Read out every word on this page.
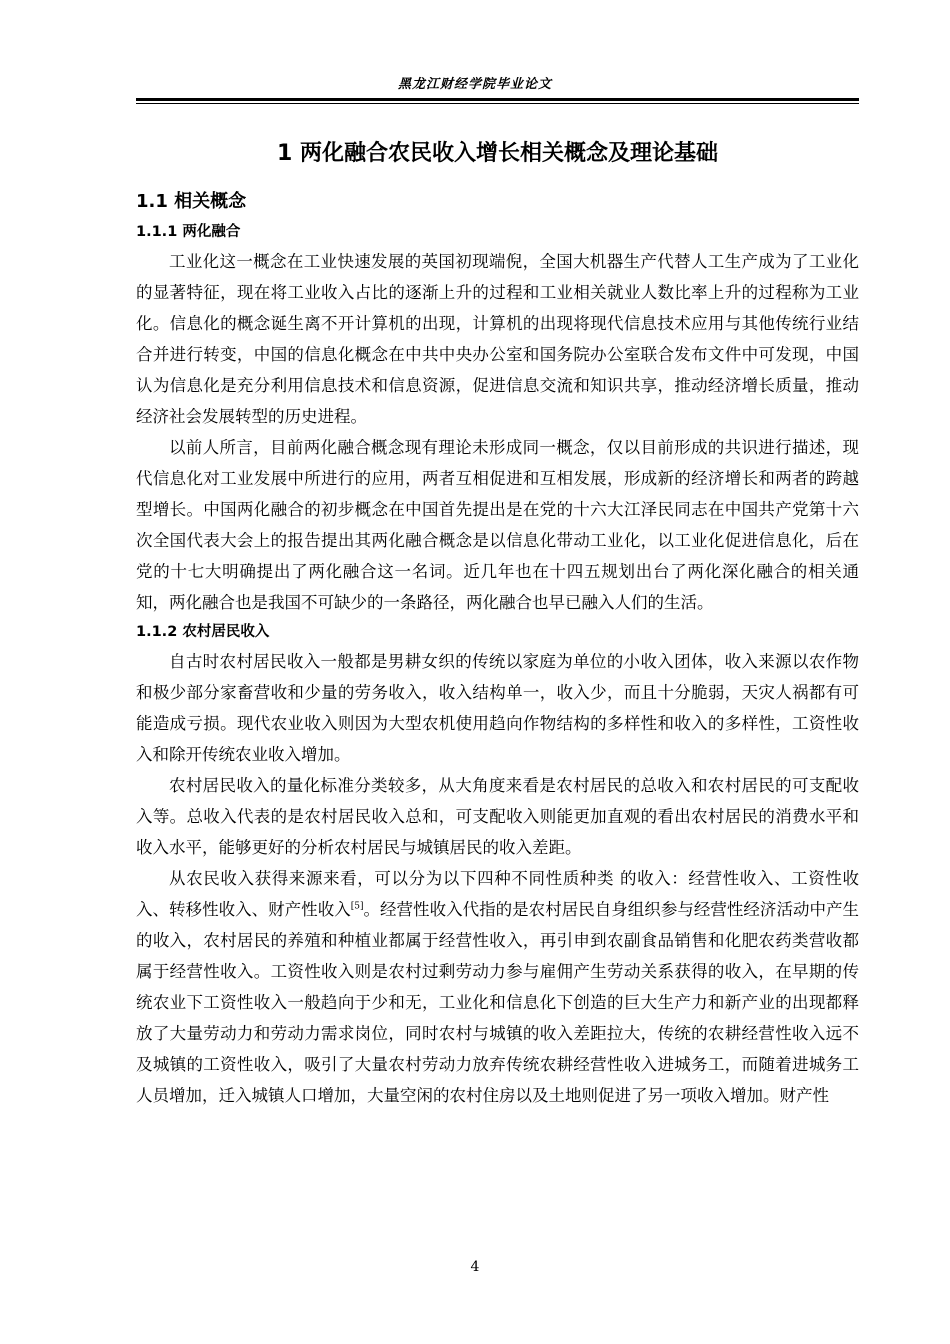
黑龙江财经学院毕业论文
1 两化融合农民收入增长相关概念及理论基础
1.1 相关概念
1.1.1 两化融合

工业化这一概念在工业快速发展的英国初现端倪，全国大机器生产代替人工生产成为了工业化的显著特征，现在将工业收入占比的逐渐上升的过程和工业相关就业人数比率上升的过程称为工业化。信息化的概念诞生离不开计算机的出现，计算机的出现将现代信息技术应用与其他传统行业结合并进行转变，中国的信息化概念在中共中央办公室和国务院办公室联合发布文件中可发现，中国认为信息化是充分利用信息技术和信息资源，促进信息交流和知识共享，推动经济增长质量，推动经济社会发展转型的历史进程。

以前人所言，目前两化融合概念现有理论未形成同一概念，仅以目前形成的共识进行描述，现代信息化对工业发展中所进行的应用，两者互相促进和互相发展，形成新的经济增长和两者的跨越型增长。中国两化融合的初步概念在中国首先提出是在党的十六大江泽民同志在中国共产党第十六次全国代表大会上的报告提出其两化融合概念是以信息化带动工业化，以工业化促进信息化，后在党的十七大明确提出了两化融合这一名词。近几年也在十四五规划出台了两化深化融合的相关通知，两化融合也是我国不可缺少的一条路径，两化融合也早已融入人们的生活。

1.1.2 农村居民收入

自古时农村居民收入一般都是男耕女织的传统以家庭为单位的小收入团体，收入来源以农作物和极少部分家畜营收和少量的劳务收入，收入结构单一，收入少，而且十分脆弱，天灾人祸都有可能造成亏损。现代农业收入则因为大型农机使用趋向作物结构的多样性和收入的多样性，工资性收入和除开传统农业收入增加。

农村居民收入的量化标准分类较多，从大角度来看是农村居民的总收入和农村居民的可支配收入等。总收入代表的是农村居民收入总和，可支配收入则能更加直观的看出农村居民的消费水平和收入水平，能够更好的分析农村居民与城镇居民的收入差距。

从农民收入获得来源来看，可以分为以下四种不同性质种类 的收入：经营性收入、工资性收入、转移性收入、财产性收入[5]。经营性收入代指的是农村居民自身组织参与经营性经济活动中产生的收入，农村居民的养殖和种植业都属于经营性收入，再引申到农副食品销售和化肥农药类营收都属于经营性收入。工资性收入则是农村过剩劳动力参与雇佣产生劳动关系获得的收入，在早期的传统农业下工资性收入一般趋向于少和无，工业化和信息化下创造的巨大生产力和新产业的出现都释放了大量劳动力和劳动力需求岗位，同时农村与城镇的收入差距拉大，传统的农耕经营性收入远不及城镇的工资性收入，吸引了大量农村劳动力放弃传统农耕经营性收入进城务工，而随着进城务工人员增加，迁入城镇人口增加，大量空闲的农村住房以及土地则促进了另一项收入增加。财产性

4
